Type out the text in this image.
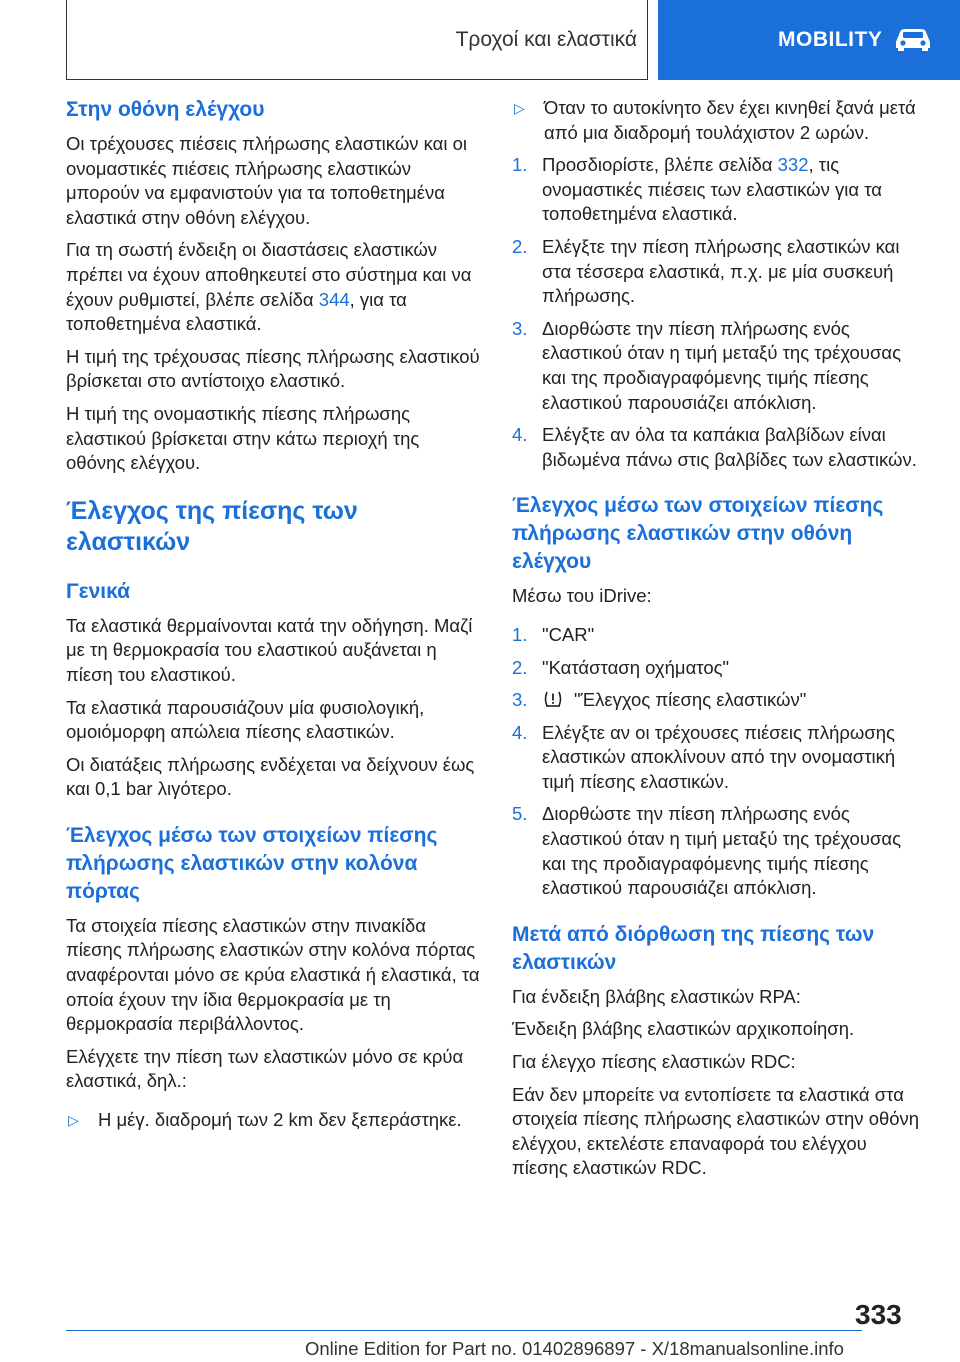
Τροχοί και ελαστικά	MOBILITY
Στην οθόνη ελέγχου

Οι τρέχουσες πιέσεις πλήρωσης ελαστικών και οι ονομαστικές πιέσεις πλήρωσης ελαστικών μπορούν να εμφανιστούν για τα τοποθετημένα ελαστικά στην οθόνη ελέγχου.

Για τη σωστή ένδειξη οι διαστάσεις ελαστικών πρέπει να έχουν αποθηκευτεί στο σύστημα και να έχουν ρυθμιστεί, βλέπε σελίδα 344, για τα τοποθετημένα ελαστικά.

Η τιμή της τρέχουσας πίεσης πλήρωσης ελαστικού βρίσκεται στο αντίστοιχο ελαστικό.

Η τιμή της ονομαστικής πίεσης πλήρωσης ελαστικού βρίσκεται στην κάτω περιοχή της οθόνης ελέγχου.

Έλεγχος της πίεσης των ελαστικών
Γενικά

Τα ελαστικά θερμαίνονται κατά την οδήγηση. Μαζί με τη θερμοκρασία του ελαστικού αυξάνεται η πίεση του ελαστικού.

Τα ελαστικά παρουσιάζουν μία φυσιολογική, ομοιόμορφη απώλεια πίεσης ελαστικών.

Οι διατάξεις πλήρωσης ενδέχεται να δείχνουν έως και 0,1 bar λιγότερο.

Έλεγχος μέσω των στοιχείων πίεσης πλήρωσης ελαστικών στην κολόνα πόρτας

Τα στοιχεία πίεσης ελαστικών στην πινακίδα πίεσης πλήρωσης ελαστικών στην κολόνα πόρτας αναφέρονται μόνο σε κρύα ελαστικά ή ελαστικά, τα οποία έχουν την ίδια θερμοκρασία με τη θερμοκρασία περιβάλλοντος.

Ελέγχετε την πίεση των ελαστικών μόνο σε κρύα ελαστικά, δηλ.:

▷	Η μέγ. διαδρομή των 2 km δεν ξεπεράστηκε.
▷	Όταν το αυτοκίνητο δεν έχει κινηθεί ξανά μετά από μια διαδρομή τουλάχιστον 2 ωρών.
1. Προσδιορίστε, βλέπε σελίδα 332, τις ονομαστικές πιέσεις των ελαστικών για τα τοποθετημένα ελαστικά.
2. Ελέγξτε την πίεση πλήρωσης ελαστικών και στα τέσσερα ελαστικά, π.χ. με μία συσκευή πλήρωσης.
3. Διορθώστε την πίεση πλήρωσης ενός ελαστικού όταν η τιμή μεταξύ της τρέχουσας και της προδιαγραφόμενης τιμής πίεσης ελαστικού παρουσιάζει απόκλιση.
4. Ελέγξτε αν όλα τα καπάκια βαλβίδων είναι βιδωμένα πάνω στις βαλβίδες των ελαστικών.
Έλεγχος μέσω των στοιχείων πίεσης πλήρωσης ελαστικών στην οθόνη ελέγχου

Μέσω του iDrive:

1. "CAR"
2. "Κατάσταση οχήματος"
3.	"Έλεγχος πίεσης ελαστικών"
4. Ελέγξτε αν οι τρέχουσες πιέσεις πλήρωσης ελαστικών αποκλίνουν από την ονομαστική τιμή πίεσης ελαστικών.
5. Διορθώστε την πίεση πλήρωσης ενός ελαστικού όταν η τιμή μεταξύ της τρέχουσας και της προδιαγραφόμενης τιμής πίεσης ελαστικού παρουσιάζει απόκλιση.
Μετά από διόρθωση της πίεσης των ελαστικών

Για ένδειξη βλάβης ελαστικών RPA:

Ένδειξη βλάβης ελαστικών αρχικοποίηση.

Για έλεγχο πίεσης ελαστικών RDC:

Εάν δεν μπορείτε να εντοπίσετε τα ελαστικά στα στοιχεία πίεσης πλήρωσης ελαστικών στην οθόνη ελέγχου, εκτελέστε επαναφορά του ελέγχου πίεσης ελαστικών RDC.

333
Online Edition for Part no. 01402896897 - X/18manualsonline.info
